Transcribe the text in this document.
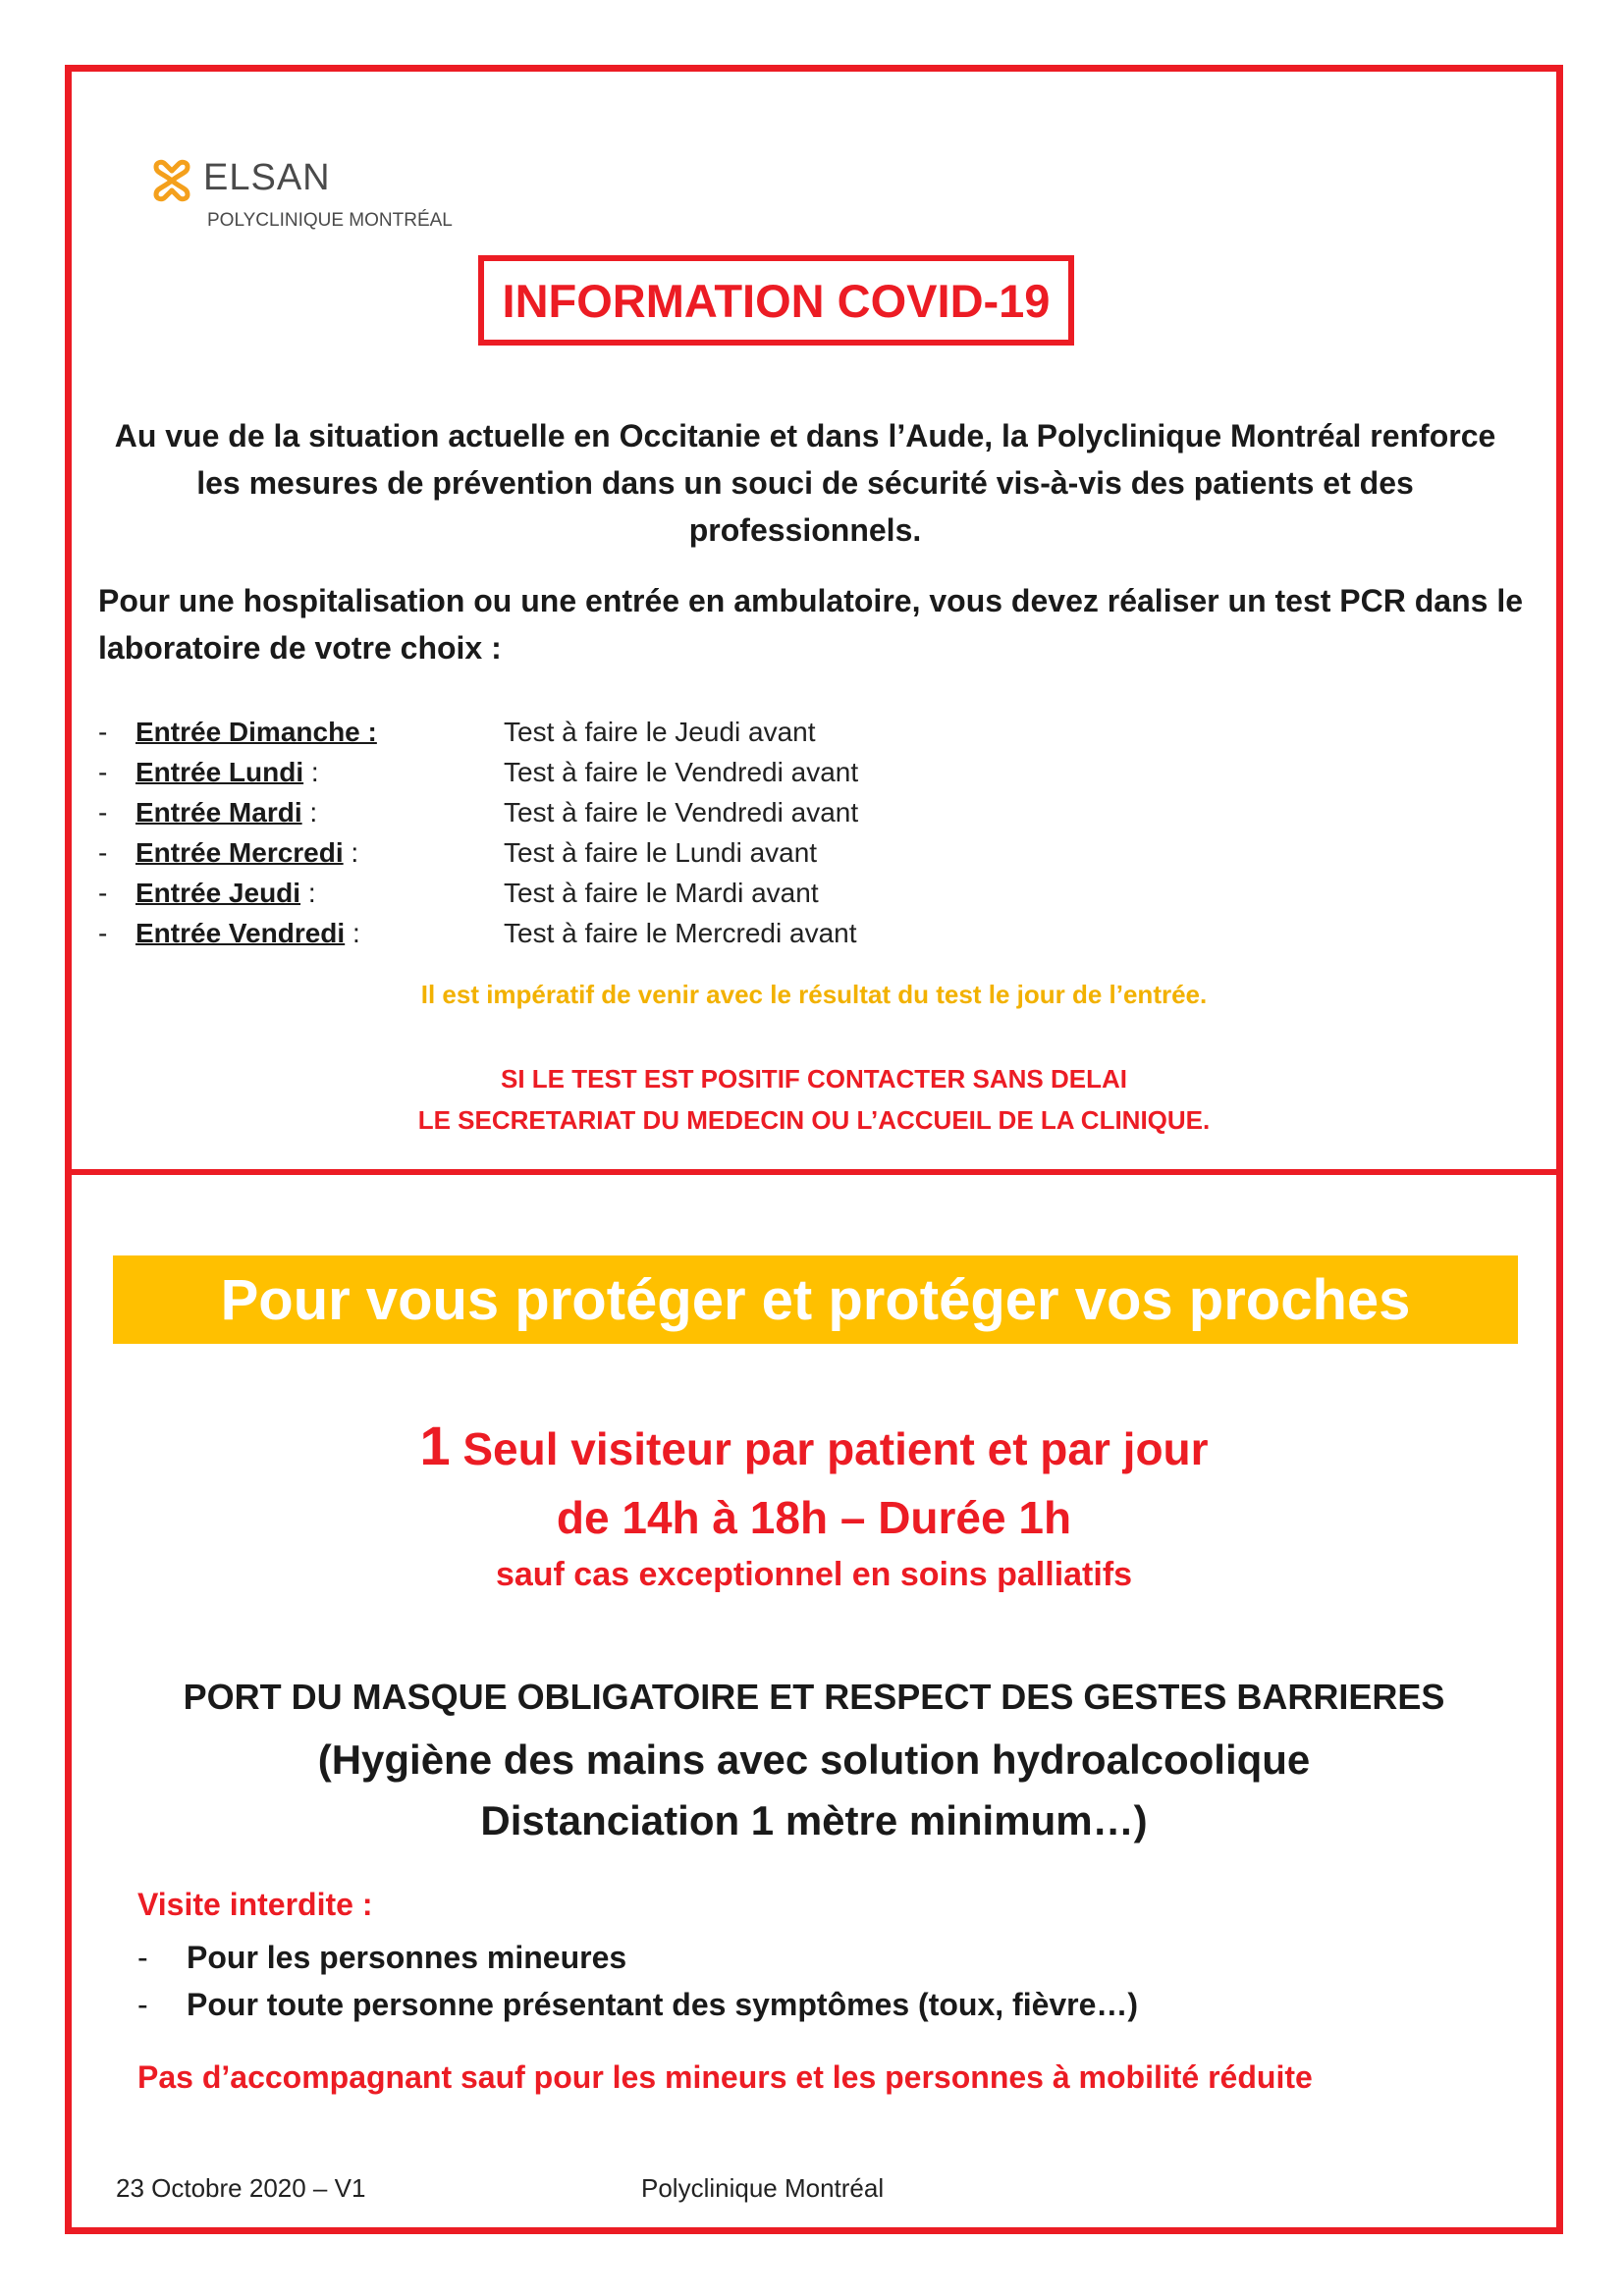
ELSAN
POLYCLINIQUE MONTRÉAL
INFORMATION COVID-19
Au vue de la situation actuelle en Occitanie et dans l’Aude, la Polyclinique Montréal renforce les mesures de prévention dans un souci de sécurité vis-à-vis des patients et des professionnels.
Pour une hospitalisation ou une entrée en ambulatoire, vous devez réaliser un test PCR dans le laboratoire de votre choix :
- Entrée Dimanche :	Test à faire le Jeudi avant
- Entrée Lundi :	Test à faire le Vendredi avant
- Entrée Mardi :	Test à faire le Vendredi avant
- Entrée Mercredi :	Test à faire le Lundi avant
- Entrée Jeudi :	Test à faire le Mardi avant
- Entrée Vendredi :	Test à faire le Mercredi avant
Il est impératif de venir avec le résultat du test le jour de l’entrée.
SI LE TEST EST POSITIF CONTACTER SANS DELAI
LE SECRETARIAT DU MEDECIN OU L’ACCUEIL DE LA CLINIQUE.
Pour vous protéger et protéger vos proches
1 Seul visiteur par patient et par jour
de 14h à 18h – Durée 1h
sauf cas exceptionnel en soins palliatifs
PORT DU MASQUE OBLIGATOIRE ET RESPECT DES GESTES BARRIERES
(Hygiène des mains avec solution hydroalcoolique
Distanciation 1 mètre minimum…)
Visite interdite :
- Pour les personnes mineures
- Pour toute personne présentant des symptômes (toux, fièvre…)
Pas d’accompagnant sauf pour les mineurs et les personnes à mobilité réduite
23 Octobre 2020 – V1	Polyclinique Montréal
